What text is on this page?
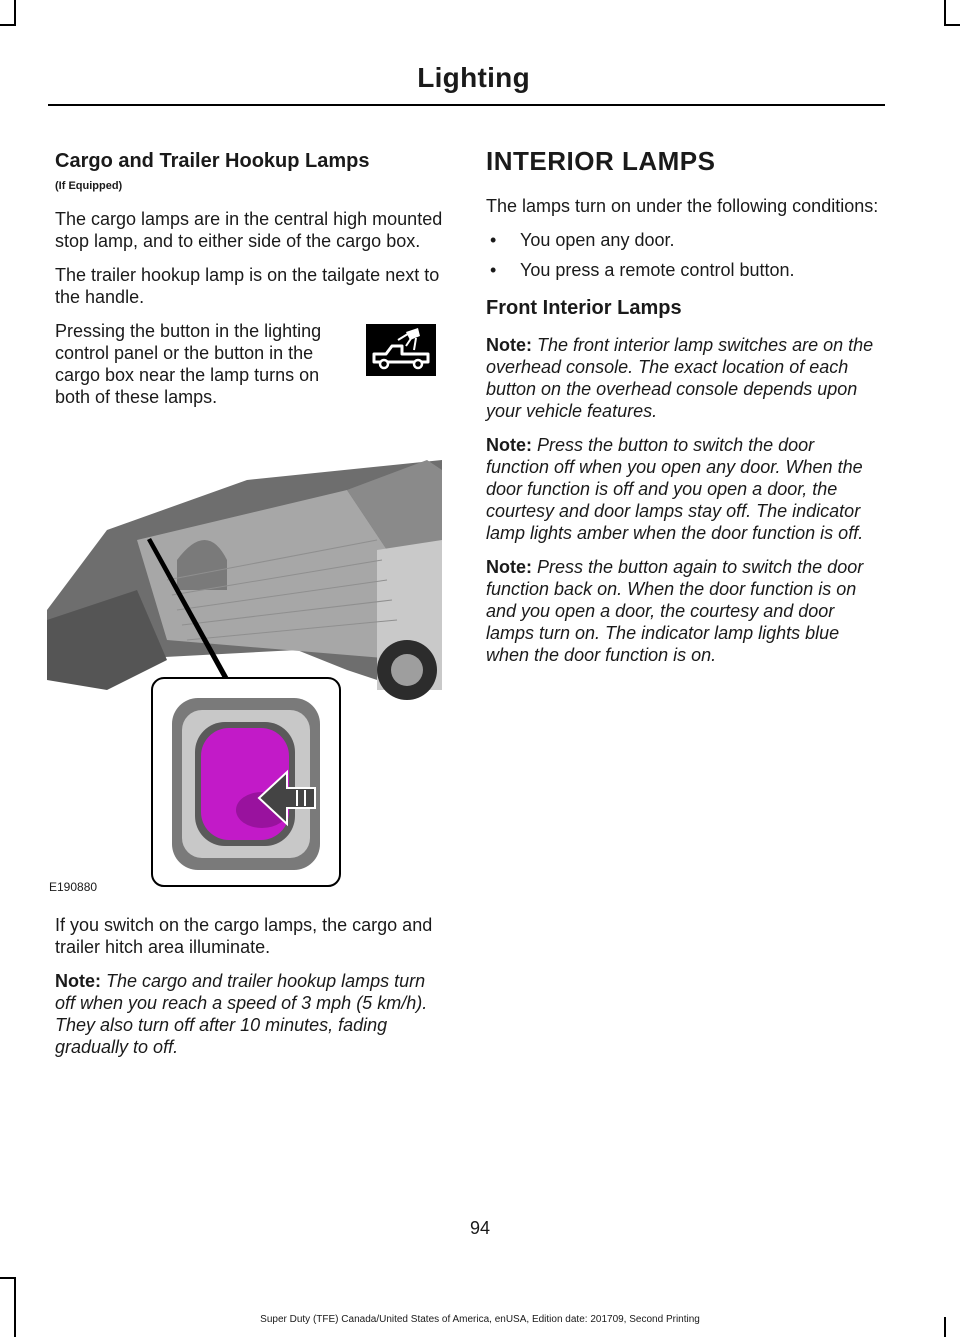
Lighting
Cargo and Trailer Hookup Lamps
(If Equipped)

The cargo lamps are in the central high mounted stop lamp, and to either side of the cargo box.

The trailer hookup lamp is on the tailgate next to the handle.

Pressing the button in the lighting control panel or the button in the cargo box near the lamp turns on both of these lamps.

E190880

If you switch on the cargo lamps, the cargo and trailer hitch area illuminate.

Note: The cargo and trailer hookup lamps turn off when you reach a speed of 3 mph (5 km/h). They also turn off after 10 minutes, fading gradually to off.

INTERIOR LAMPS

The lamps turn on under the following conditions:

• You open any door.
• You press a remote control button.
Front Interior Lamps

Note: The front interior lamp switches are on the overhead console. The exact location of each button on the overhead console depends upon your vehicle features.

Note: Press the button to switch the door function off when you open any door. When the door function is off and you open a door, the courtesy and door lamps stay off. The indicator lamp lights amber when the door function is off.

Note: Press the button again to switch the door function back on. When the door function is on and you open a door, the courtesy and door lamps turn on. The indicator lamp lights blue when the door function is on.

94
Super Duty (TFE) Canada/United States of America, enUSA, Edition date: 201709, Second Printing
